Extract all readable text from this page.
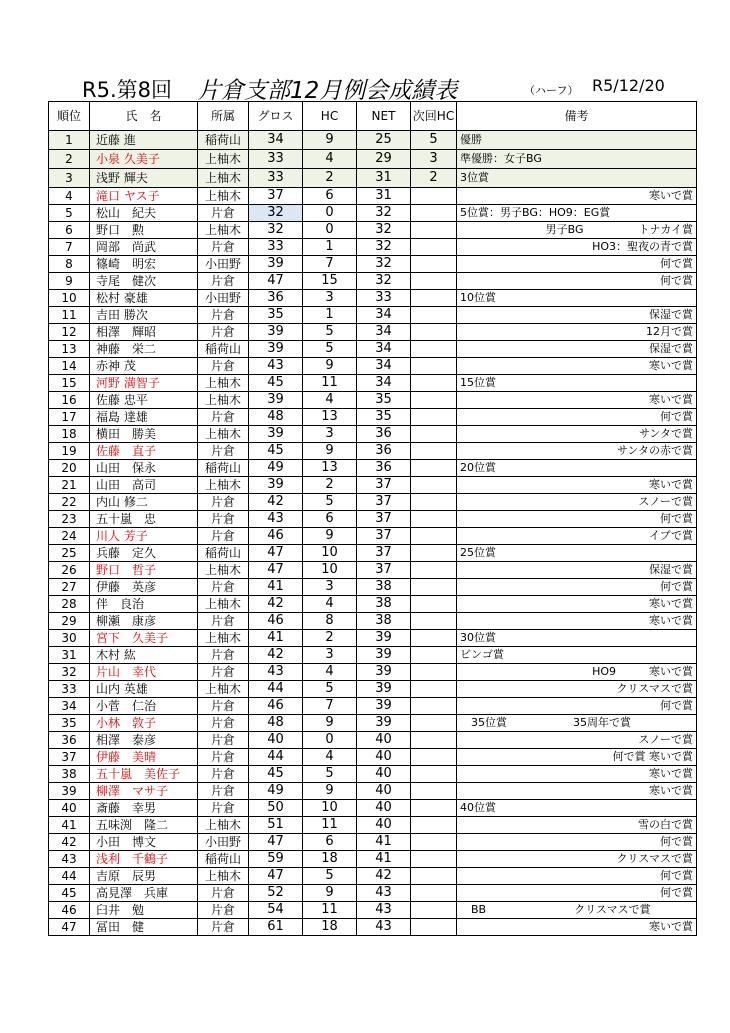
R5.第8回 片倉支部12月例会成績表	（ハーフ） R5/12/20
順位	氏　名	所属	グロス	HC	NET	次回HC	備考
1	近藤 進	稲荷山	34	9	25	5	優勝
2	小泉 久美子	上柚木	33	4	29	3	準優勝：女子BG
3	浅野 輝夫	上柚木	33	2	31	2	3位賞
4	滝口 ヤス子	上柚木	37	6	31		寒いで賞
5	松山　紀夫	片倉	32	0	32		5位賞：男子BG：HO9：EG賞
6	野口　勲	上柚木	32	0	32		男子BG　　　　　トナカイ賞
7	岡部　尚武	片倉	33	1	32		HO3：聖夜の青で賞
8	篠崎　明宏	小田野	39	7	32		何で賞
9	寺尾　健次	片倉	47	15	32		何で賞
10	松村 豪雄	小田野	36	3	33		10位賞
11	吉田 勝次	片倉	35	1	34		保湿で賞
12	相澤　輝昭	片倉	39	5	34		12月で賞
13	神藤　栄二	稲荷山	39	5	34		保湿で賞
14	赤神 茂	片倉	43	9	34		寒いで賞
15	河野 満智子	上柚木	45	11	34		15位賞
16	佐藤 忠平	上柚木	39	4	35		寒いで賞
17	福島 達雄	片倉	48	13	35		何で賞
18	横田　勝美	上柚木	39	3	36		サンタで賞
19	佐藤　直子	片倉	45	9	36		サンタの赤で賞
20	山田　保永	稲荷山	49	13	36		20位賞
21	山田　高司	上柚木	39	2	37		寒いで賞
22	内山 修二	片倉	42	5	37		スノーで賞
23	五十嵐　忠	片倉	43	6	37		何で賞
24	川人 芳子	片倉	46	9	37		イブで賞
25	兵藤　定久	稲荷山	47	10	37		25位賞
26	野口　哲子	上柚木	47	10	37		保湿で賞
27	伊藤　英彦	片倉	41	3	38		何で賞
28	伴　良治	上柚木	42	4	38		寒いで賞
29	柳瀬　康彦	片倉	46	8	38		寒いで賞
30	宮下　久美子	上柚木	41	2	39		30位賞
31	木村 紘	片倉	42	3	39		ビンゴ賞
32	片山　幸代	片倉	43	4	39		HO9　　　寒いで賞
33	山内 英雄	上柚木	44	5	39		クリスマスで賞
34	小菅　仁治	片倉	46	7	39		何で賞
35	小林　敦子	片倉	48	9	39		　35位賞　　　　　　35周年で賞
36	相澤　泰彦	片倉	40	0	40		スノーで賞
37	伊藤　美晴	片倉	44	4	40		何で賞 寒いで賞
38	五十嵐　美佐子	片倉	45	5	40		寒いで賞
39	柳澤　マサ子	片倉	49	9	40		寒いで賞
40	斎藤　幸男	片倉	50	10	40		40位賞
41	五味渕　隆二	上柚木	51	11	40		雪の白で賞
42	小田　博文	小田野	47	6	41		何で賞
43	浅利　千鶴子	稲荷山	59	18	41		クリスマスで賞
44	吉原　辰男	上柚木	47	5	42		何で賞
45	高見澤　兵庫	片倉	52	9	43		何で賞
46	臼井　勉	片倉	54	11	43		　BB　　　　　　　　クリスマスで賞
47	冨田　健	片倉	61	18	43		寒いで賞
